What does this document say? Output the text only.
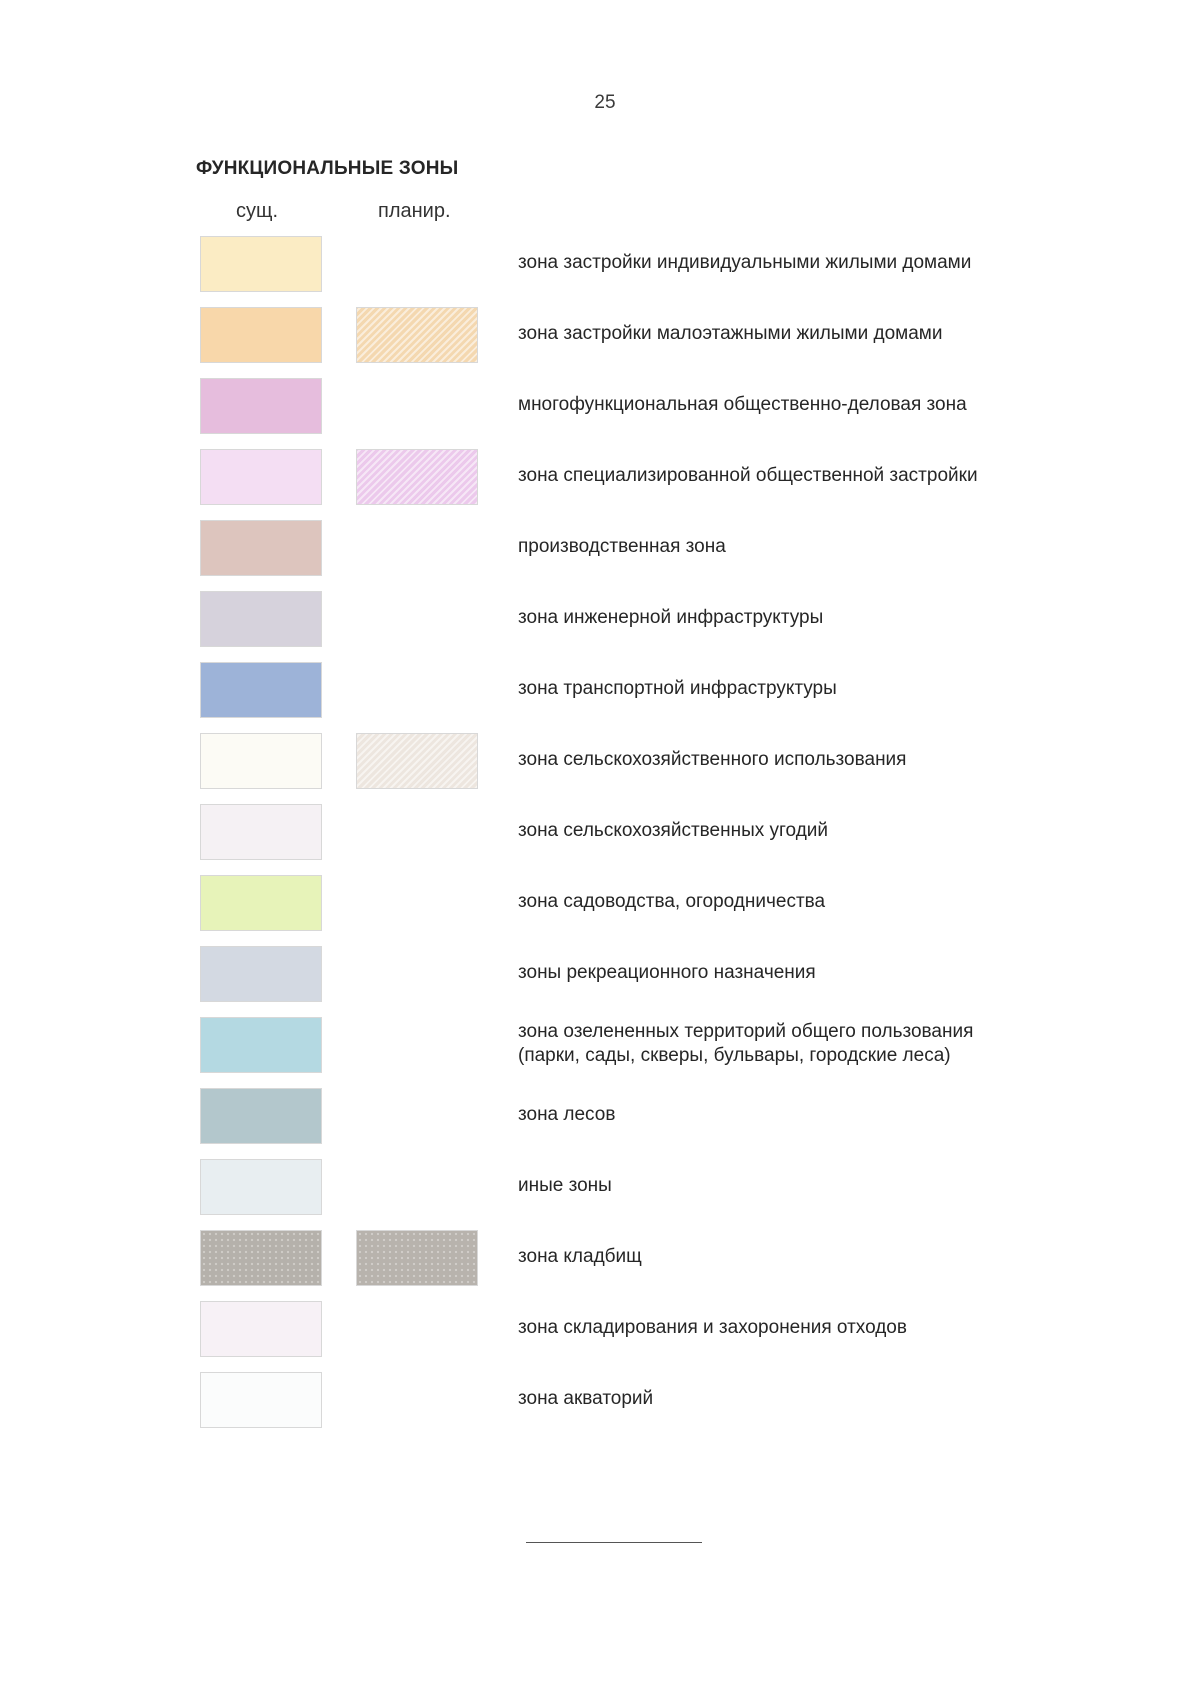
25
ФУНКЦИОНАЛЬНЫЕ ЗОНЫ
сущ.	планир.
зона застройки индивидуальными жилыми домами
зона застройки малоэтажными жилыми домами
многофункциональная общественно-деловая зона
зона специализированной общественной застройки
производственная зона
зона инженерной инфраструктуры
зона транспортной инфраструктуры
зона сельскохозяйственного использования
зона сельскохозяйственных угодий
зона садоводства, огородничества
зоны рекреационного назначения
зона озелененных территорий общего пользования
(парки, сады, скверы, бульвары, городские леса)
зона лесов
иные зоны
зона кладбищ
зона складирования и захоронения отходов
зона акваторий
